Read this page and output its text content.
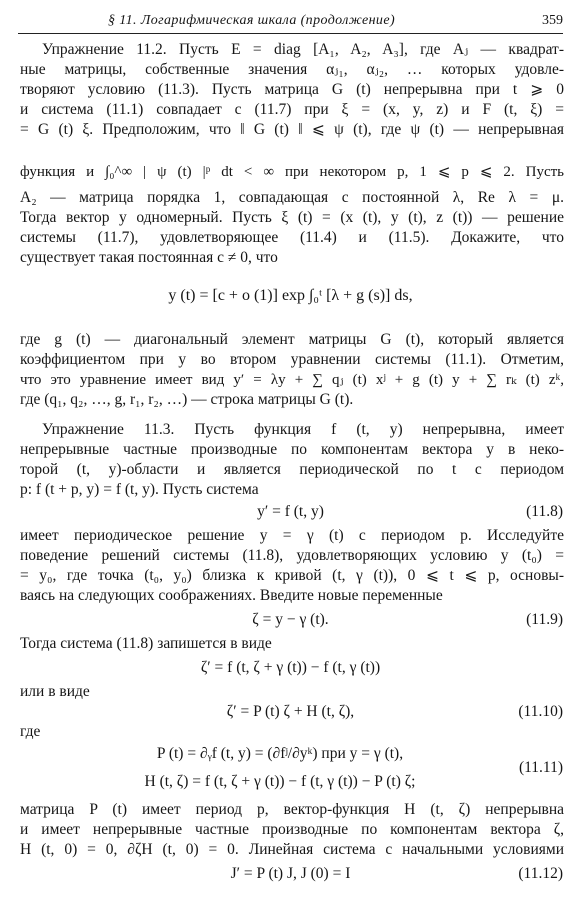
§ 11. Логарифмическая шкала (продолжение)	359
Упражнение 11.2. Пусть E = diag [A₁, A₂, A₃], где Aⱼ — квадрат-
ные матрицы, собственные значения αⱼ₁, αⱼ₂, … которых удовле-
творяют условию (11.3). Пусть матрица G (t) непрерывна при t ⩾ 0
и система (11.1) совпадает с (11.7) при ξ = (x, y, z) и F (t, ξ) =
= G (t) ξ. Предположим, что ‖ G (t) ‖ ⩽ ψ (t), где ψ (t) — непрерывная
функция и ∫₀^∞ | ψ (t) |ᵖ dt < ∞ при некотором p, 1 ⩽ p ⩽ 2. Пусть
A₂ — матрица порядка 1, совпадающая с постоянной λ, Re λ = μ.
Тогда вектор y одномерный. Пусть ξ (t) = (x (t), y (t), z (t)) — решение
системы (11.7), удовлетворяющее (11.4) и (11.5). Докажите, что
существует такая постоянная c ≠ 0, что
y (t) = [c + o (1)] exp ∫₀ᵗ [λ + g (s)] ds,
где g (t) — диагональный элемент матрицы G (t), который является
коэффициентом при y во втором уравнении системы (11.1). Отметим,
что это уравнение имеет вид y′ = λy + ∑ qⱼ (t) xʲ + g (t) y + ∑ rₖ (t) zᵏ,
где (q₁, q₂, …, g, r₁, r₂, …) — строка матрицы G (t).
Упражнение 11.3. Пусть функция f (t, y) непрерывна, имеет
непрерывные частные производные по компонентам вектора y в неко-
торой (t, y)-области и является периодической по t с периодом
p: f (t + p, y) = f (t, y). Пусть система
y′ = f (t, y)	(11.8)
имеет периодическое решение y = γ (t) с периодом p. Исследуйте
поведение решений системы (11.8), удовлетворяющих условию y (t₀) =
= y₀, где точка (t₀, y₀) близка к кривой (t, γ (t)), 0 ⩽ t ⩽ p, основы-
ваясь на следующих соображениях. Введите новые переменные
ζ = y − γ (t).	(11.9)
Тогда система (11.8) запишется в виде
ζ′ = f (t, ζ + γ (t)) − f (t, γ (t))
или в виде
ζ′ = P (t) ζ + H (t, ζ),	(11.10)
где
P (t) = ∂ᵧf (t, y) = (∂fʲ/∂yᵏ) при y = γ (t),
(11.11)
H (t, ζ) = f (t, ζ + γ (t)) − f (t, γ (t)) − P (t) ζ;
матрица P (t) имеет период p, вектор-функция H (t, ζ) непрерывна
и имеет непрерывные частные производные по компонентам вектора ζ,
H (t, 0) = 0, ∂ζH (t, 0) = 0. Линейная система с начальными условиями
J′ = P (t) J, J (0) = I	(11.12)
